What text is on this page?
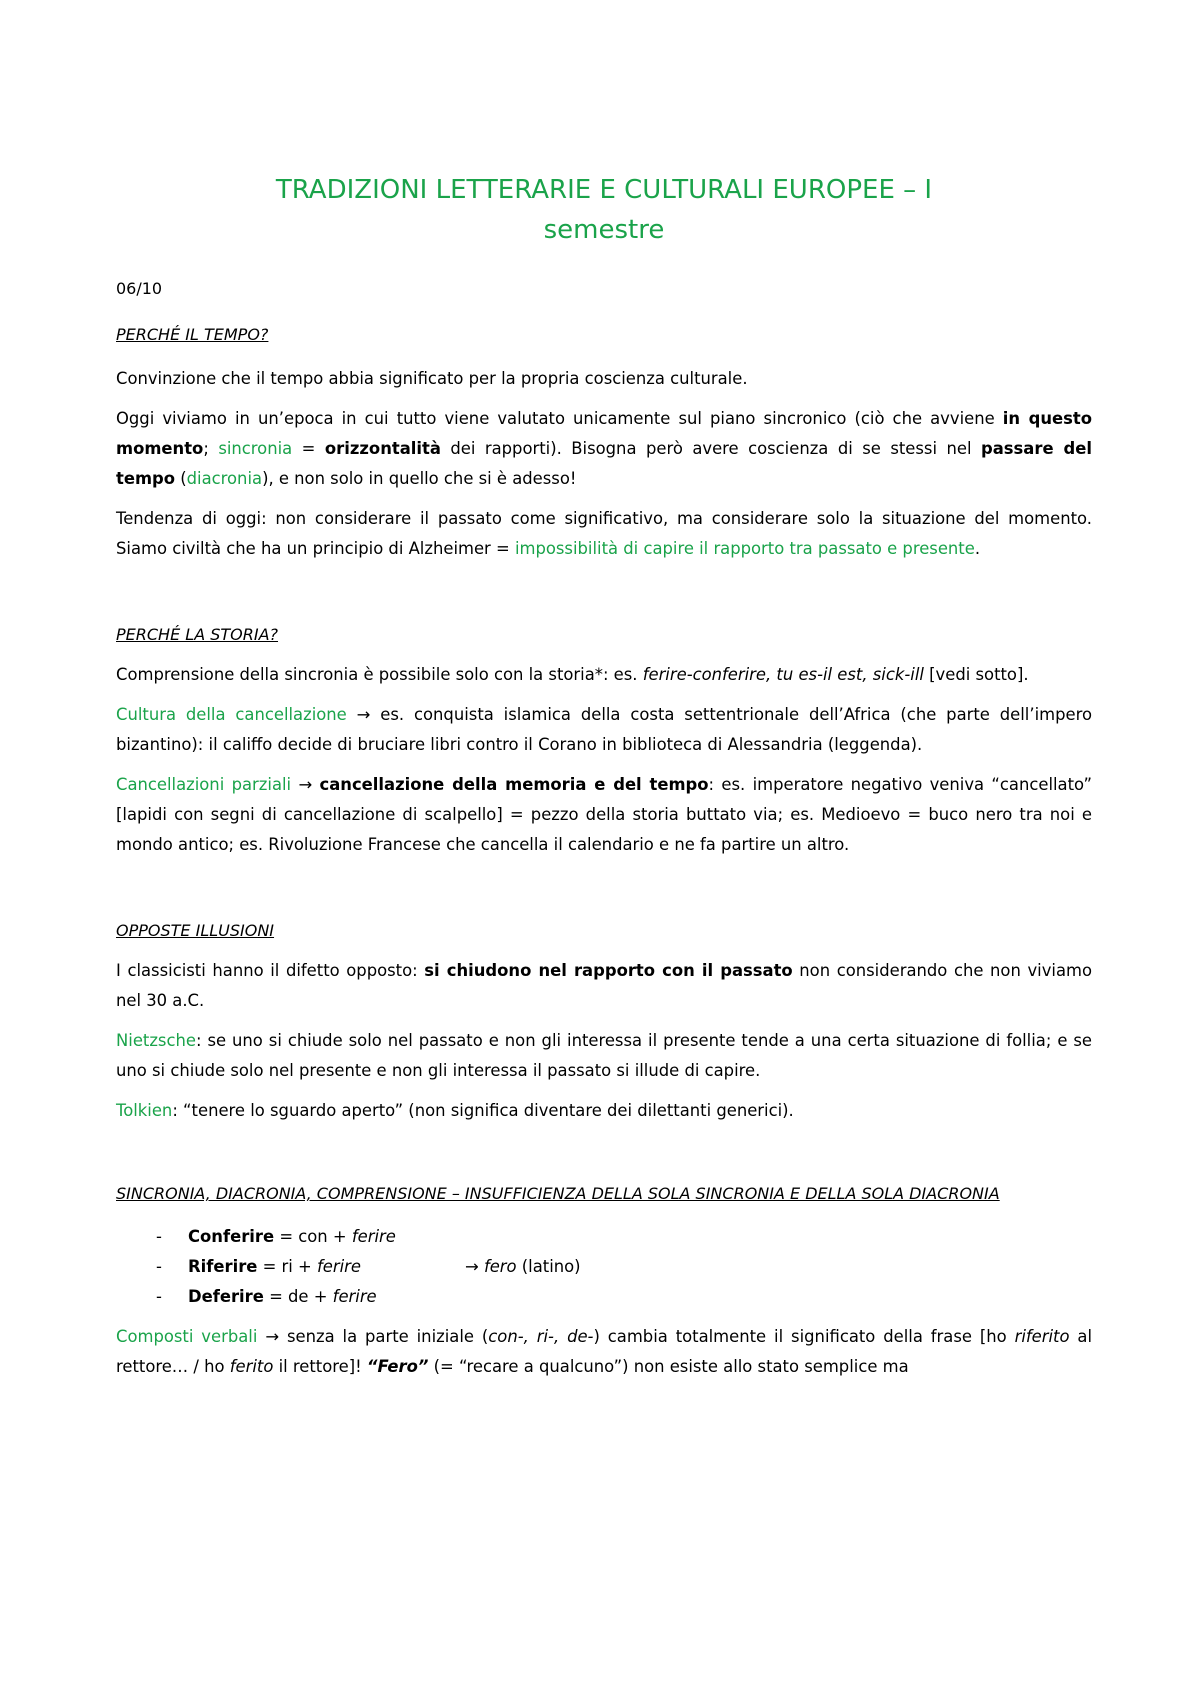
TRADIZIONI LETTERARIE E CULTURALI EUROPEE – I
semestre
06/10
PERCHÉ IL TEMPO?

Convinzione che il tempo abbia significato per la propria coscienza culturale.

Oggi viviamo in un’epoca in cui tutto viene valutato unicamente sul piano sincronico (ciò che avviene in questo momento; sincronia = orizzontalità dei rapporti). Bisogna però avere coscienza di se stessi nel passare del tempo (diacronia), e non solo in quello che si è adesso!

Tendenza di oggi: non considerare il passato come significativo, ma considerare solo la situazione del momento. Siamo civiltà che ha un principio di Alzheimer = impossibilità di capire il rapporto tra passato e presente.

PERCHÉ LA STORIA?

Comprensione della sincronia è possibile solo con la storia*: es. ferire-conferire, tu es-il est, sick-ill [vedi sotto].

Cultura della cancellazione → es. conquista islamica della costa settentrionale dell’Africa (che parte dell’impero bizantino): il califfo decide di bruciare libri contro il Corano in biblioteca di Alessandria (leggenda).

Cancellazioni parziali → cancellazione della memoria e del tempo: es. imperatore negativo veniva “cancellato” [lapidi con segni di cancellazione di scalpello] = pezzo della storia buttato via; es. Medioevo = buco nero tra noi e mondo antico; es. Rivoluzione Francese che cancella il calendario e ne fa partire un altro.

OPPOSTE ILLUSIONI

I classicisti hanno il difetto opposto: si chiudono nel rapporto con il passato non considerando che non viviamo nel 30 a.C.

Nietzsche: se uno si chiude solo nel passato e non gli interessa il presente tende a una certa situazione di follia; e se uno si chiude solo nel presente e non gli interessa il passato si illude di capire.

Tolkien: “tenere lo sguardo aperto” (non significa diventare dei dilettanti generici).

SINCRONIA, DIACRONIA, COMPRENSIONE – INSUFFICIENZA DELLA SOLA SINCRONIA E DELLA SOLA DIACRONIA
- Conferire = con + ferire
- Riferire = ri + ferire	→ fero (latino)
- Deferire = de + ferire

Composti verbali → senza la parte iniziale (con-, ri-, de-) cambia totalmente il significato della frase [ho riferito al rettore… / ho ferito il rettore]! “Fero” (= “recare a qualcuno”) non esiste allo stato semplice ma
